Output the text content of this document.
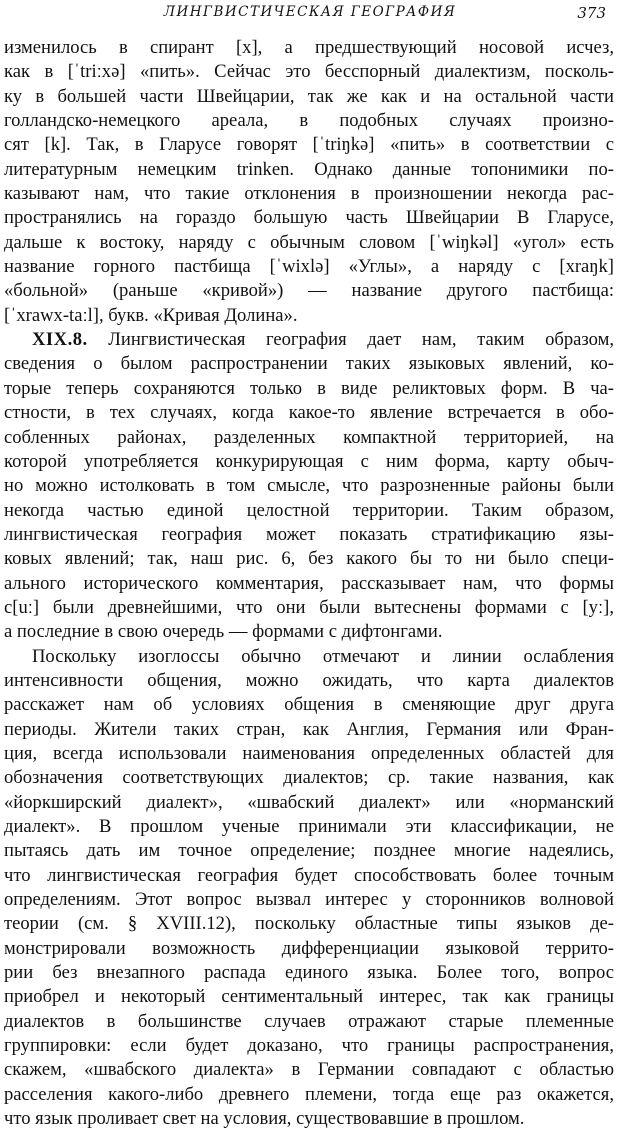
ЛИНГВИСТИЧЕСКАЯ ГЕОГРАФИЯ	373
изменилось в спирант [x], а предшествующий носовой исчез,
как в [ˈtriːxə] «пить». Сейчас это бесспорный диалектизм, посколь-
ку в большей части Швейцарии, так же как и на остальной части
голландско-немецкого ареала, в подобных случаях произно-
сят [k]. Так, в Гларусе говорят [ˈtriŋkə] «пить» в соответствии с
литературным немецким trinken. Однако данные топонимики по-
казывают нам, что такие отклонения в произношении некогда рас-
пространялись на гораздо большую часть Швейцарии В Гларусе,
дальше к востоку, наряду с обычным словом [ˈwiŋkəl] «угол» есть
название горного пастбища [ˈwixlə] «Углы», а наряду с [xraŋk]
«больной» (раньше «кривой») — название другого пастбища:
[ˈxrawx-taːl], букв. «Кривая Долина».
XIX.8. Лингвистическая география дает нам, таким образом,
сведения о былом распространении таких языковых явлений, ко-
торые теперь сохраняются только в виде реликтовых форм. В ча-
стности, в тех случаях, когда какое-то явление встречается в обо-
собленных районах, разделенных компактной территорией, на
которой употребляется конкурирующая с ним форма, карту обыч-
но можно истолковать в том смысле, что разрозненные районы были
некогда частью единой целостной территории. Таким образом,
лингвистическая география может показать стратификацию язы-
ковых явлений; так, наш рис. 6, без какого бы то ни было специ-
ального исторического комментария, рассказывает нам, что формы
c[uː] были древнейшими, что они были вытеснены формами с [yː],
а последние в свою очередь — формами с дифтонгами.
Поскольку изоглоссы обычно отмечают и линии ослабления
интенсивности общения, можно ожидать, что карта диалектов
расскажет нам об условиях общения в сменяющие друг друга
периоды. Жители таких стран, как Англия, Германия или Фран-
ция, всегда использовали наименования определенных областей для
обозначения соответствующих диалектов; ср. такие названия, как
«йоркширский диалект», «швабский диалект» или «норманский
диалект». В прошлом ученые принимали эти классификации, не
пытаясь дать им точное определение; позднее многие надеялись,
что лингвистическая география будет способствовать более точным
определениям. Этот вопрос вызвал интерес у сторонников волновой
теории (см. § XVIII.12), поскольку областные типы языков де-
монстрировали возможность дифференциации языковой террито-
рии без внезапного распада единого языка. Более того, вопрос
приобрел и некоторый сентиментальный интерес, так как границы
диалектов в большинстве случаев отражают старые племенные
группировки: если будет доказано, что границы распространения,
скажем, «швабского диалекта» в Германии совпадают с областью
расселения какого-либо древнего племени, тогда еще раз окажется,
что язык проливает свет на условия, существовавшие в прошлом.
